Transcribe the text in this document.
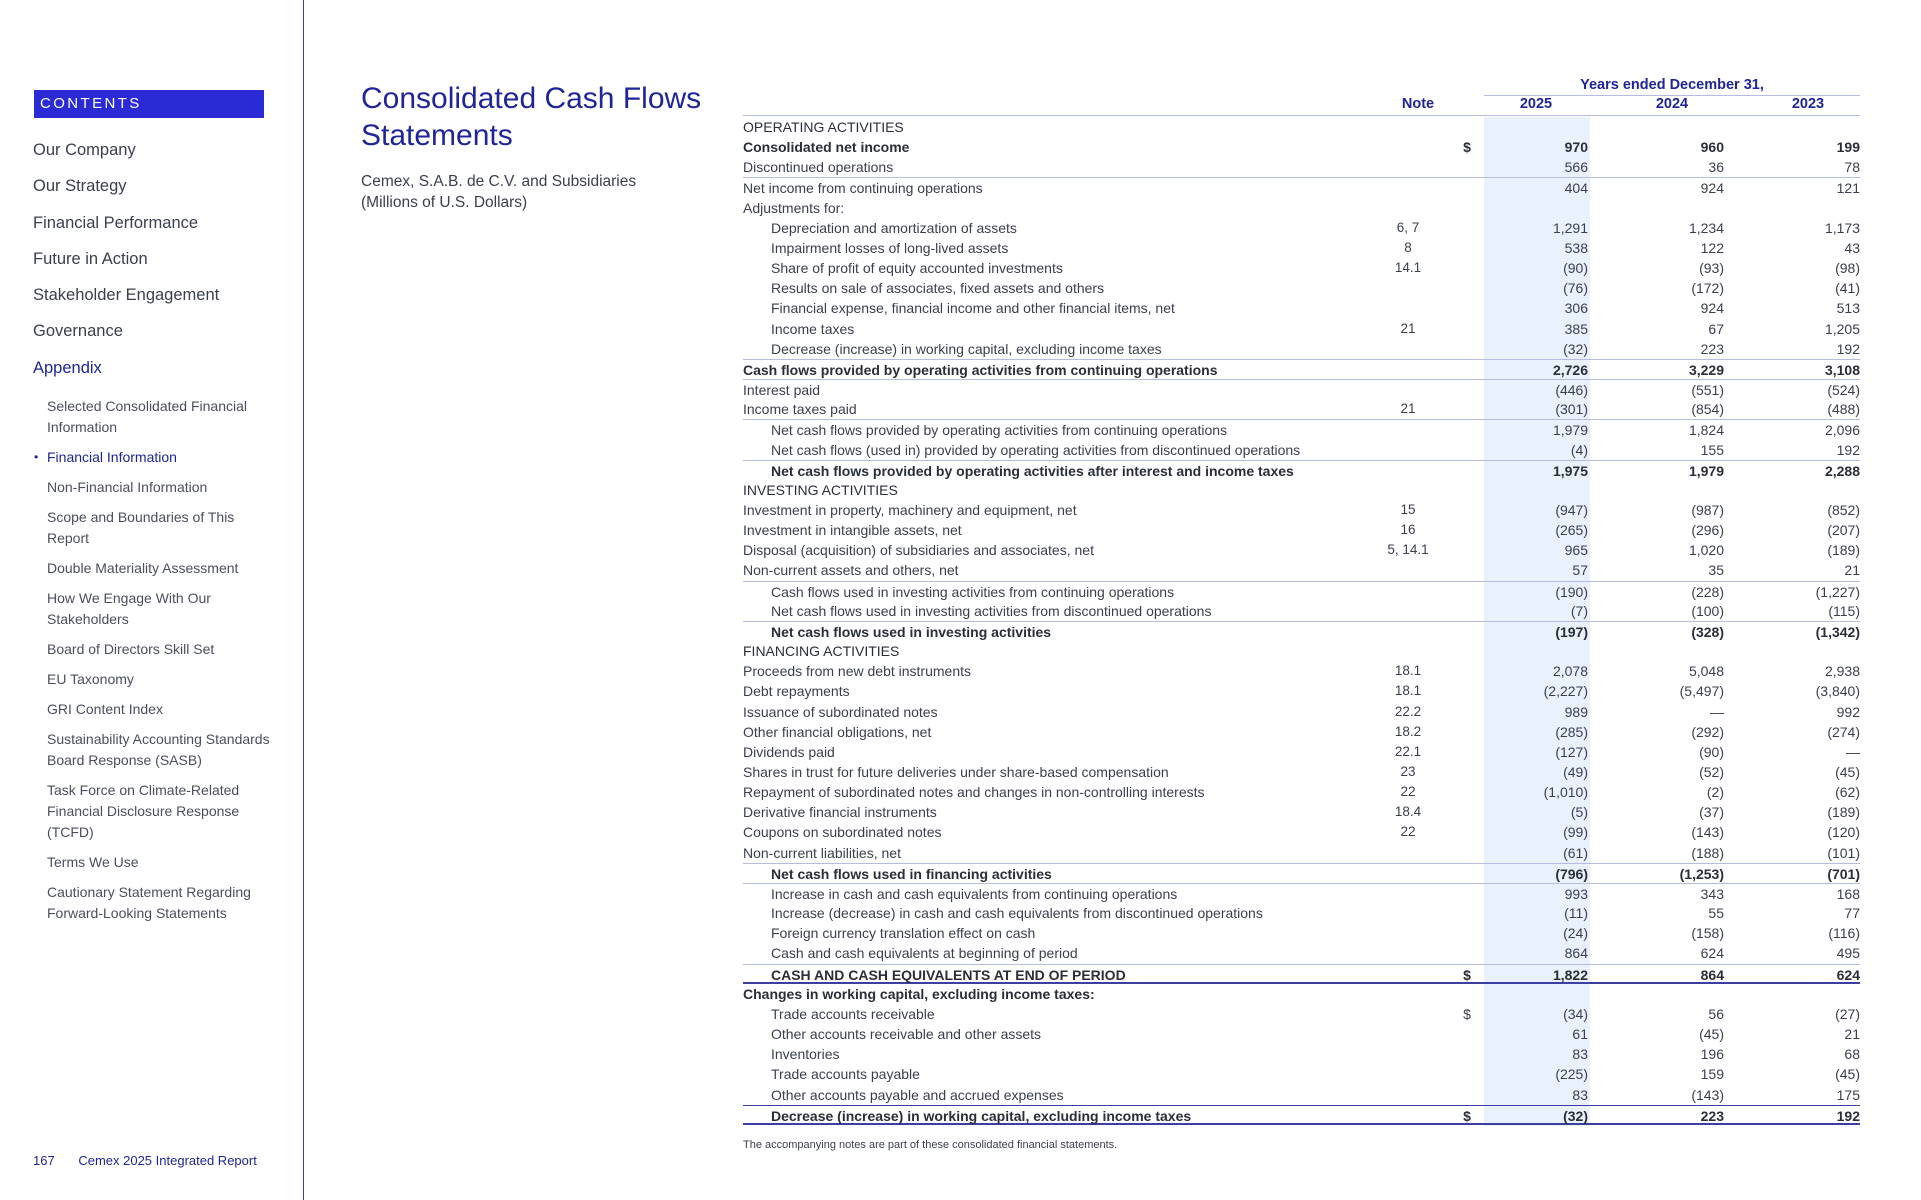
CONTENTS
Our Company
Our Strategy
Financial Performance
Future in Action
Stakeholder Engagement
Governance
Appendix
Selected Consolidated Financial Information
• Financial Information
Non-Financial Information
Scope and Boundaries of This Report
Double Materiality Assessment
How We Engage With Our Stakeholders
Board of Directors Skill Set
EU Taxonomy
GRI Content Index
Sustainability Accounting Standards Board Response (SASB)
Task Force on Climate-Related Financial Disclosure Response (TCFD)
Terms We Use
Cautionary Statement Regarding Forward-Looking Statements
167 Cemex 2025 Integrated Report
Consolidated Cash Flows Statements
Cemex, S.A.B. de C.V. and Subsidiaries
(Millions of U.S. Dollars)
Years ended December 31,
Note	2025	2024	2023
OPERATING ACTIVITIES
Consolidated net income	$	970	960	199
Discontinued operations	566	36	78
Net income from continuing operations	404	924	121
Adjustments for:
Depreciation and amortization of assets	6, 7	1,291	1,234	1,173
Impairment losses of long-lived assets	8	538	122	43
Share of profit of equity accounted investments	14.1	(90)	(93)	(98)
Results on sale of associates, fixed assets and others	(76)	(172)	(41)
Financial expense, financial income and other financial items, net	306	924	513
Income taxes	21	385	67	1,205
Decrease (increase) in working capital, excluding income taxes	(32)	223	192
Cash flows provided by operating activities from continuing operations	2,726	3,229	3,108
Interest paid	(446)	(551)	(524)
Income taxes paid	21	(301)	(854)	(488)
Net cash flows provided by operating activities from continuing operations	1,979	1,824	2,096
Net cash flows (used in) provided by operating activities from discontinued operations	(4)	155	192
Net cash flows provided by operating activities after interest and income taxes	1,975	1,979	2,288
INVESTING ACTIVITIES
Investment in property, machinery and equipment, net	15	(947)	(987)	(852)
Investment in intangible assets, net	16	(265)	(296)	(207)
Disposal (acquisition) of subsidiaries and associates, net	5, 14.1	965	1,020	(189)
Non-current assets and others, net	57	35	21
Cash flows used in investing activities from continuing operations	(190)	(228)	(1,227)
Net cash flows used in investing activities from discontinued operations	(7)	(100)	(115)
Net cash flows used in investing activities	(197)	(328)	(1,342)
FINANCING ACTIVITIES
Proceeds from new debt instruments	18.1	2,078	5,048	2,938
Debt repayments	18.1	(2,227)	(5,497)	(3,840)
Issuance of subordinated notes	22.2	989	—	992
Other financial obligations, net	18.2	(285)	(292)	(274)
Dividends paid	22.1	(127)	(90)	—
Shares in trust for future deliveries under share-based compensation	23	(49)	(52)	(45)
Repayment of subordinated notes and changes in non-controlling interests	22	(1,010)	(2)	(62)
Derivative financial instruments	18.4	(5)	(37)	(189)
Coupons on subordinated notes	22	(99)	(143)	(120)
Non-current liabilities, net	(61)	(188)	(101)
Net cash flows used in financing activities	(796)	(1,253)	(701)
Increase in cash and cash equivalents from continuing operations	993	343	168
Increase (decrease) in cash and cash equivalents from discontinued operations	(11)	55	77
Foreign currency translation effect on cash	(24)	(158)	(116)
Cash and cash equivalents at beginning of period	864	624	495
CASH AND CASH EQUIVALENTS AT END OF PERIOD	$	1,822	864	624
Changes in working capital, excluding income taxes:
Trade accounts receivable	$	(34)	56	(27)
Other accounts receivable and other assets	61	(45)	21
Inventories	83	196	68
Trade accounts payable	(225)	159	(45)
Other accounts payable and accrued expenses	83	(143)	175
Decrease (increase) in working capital, excluding income taxes	$	(32)	223	192
The accompanying notes are part of these consolidated financial statements.
